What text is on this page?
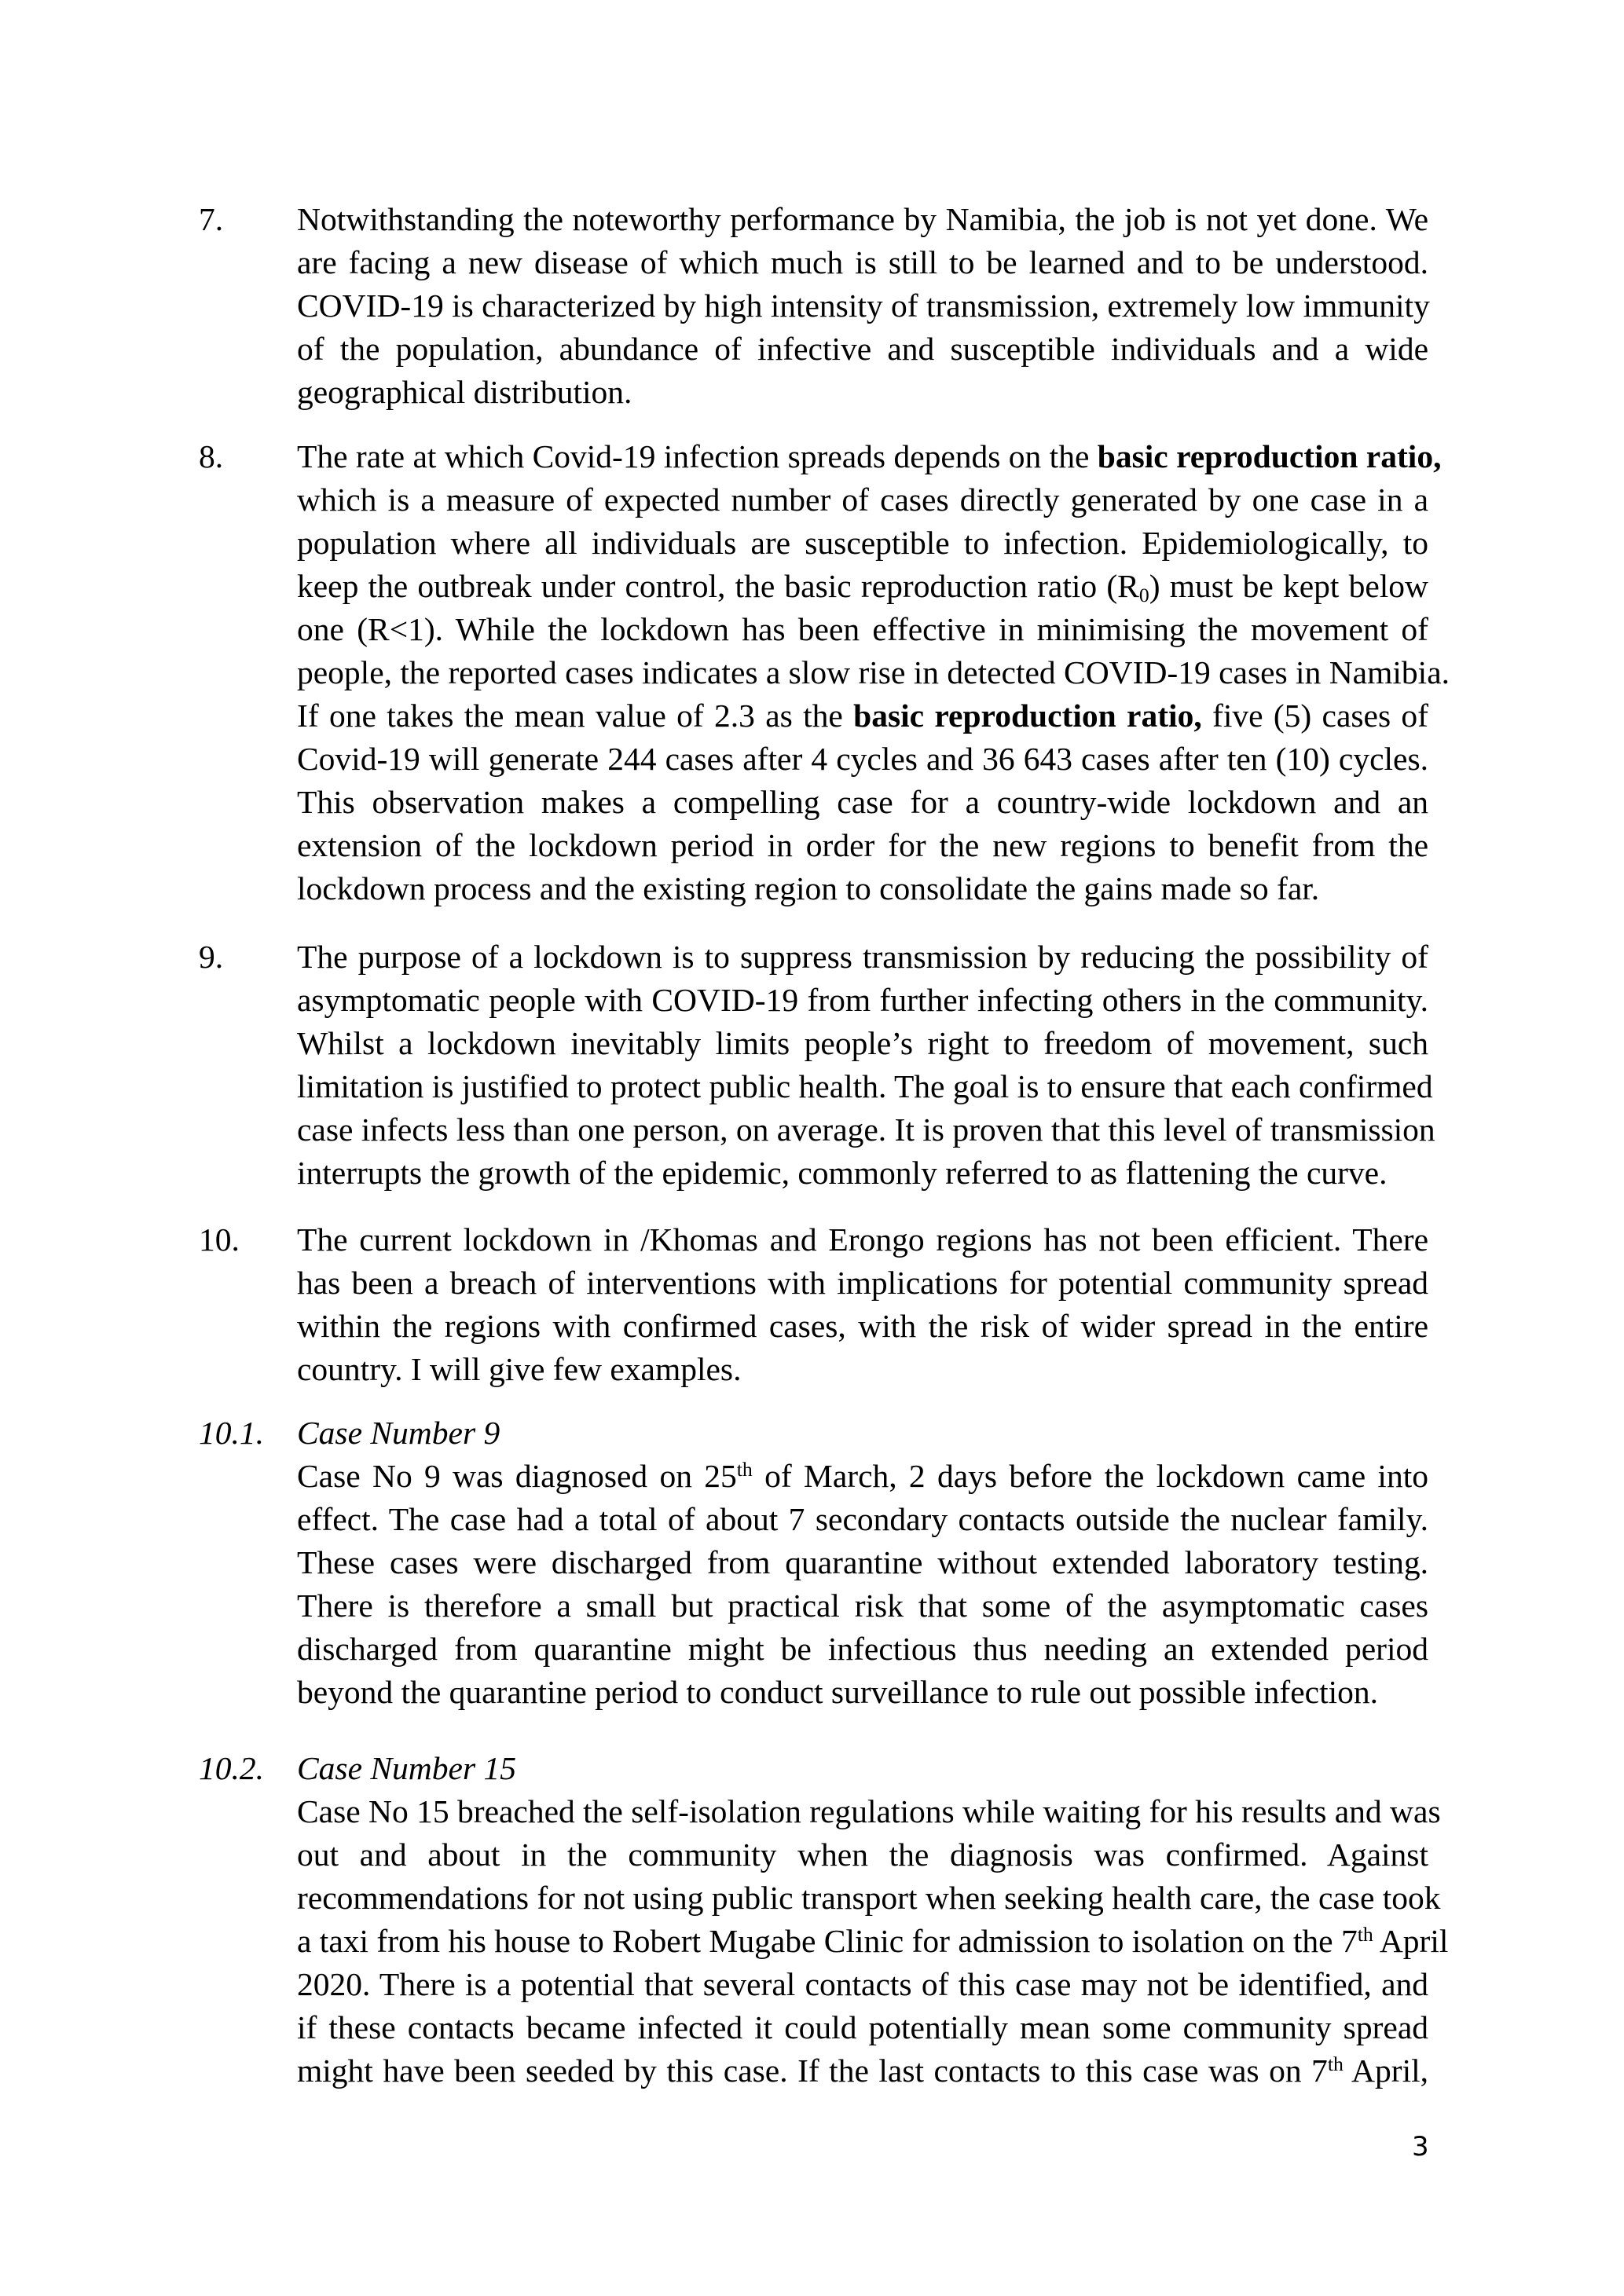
7. Notwithstanding the noteworthy performance by Namibia, the job is not yet done. We
are facing a new disease of which much is still to be learned and to be understood.
COVID-19 is characterized by high intensity of transmission, extremely low immunity
of the population, abundance of infective and susceptible individuals and a wide
geographical distribution.
8. The rate at which Covid-19 infection spreads depends on the basic reproduction ratio,
which is a measure of expected number of cases directly generated by one case in a
population where all individuals are susceptible to infection. Epidemiologically, to
keep the outbreak under control, the basic reproduction ratio $(R_0)$ must be kept below
one (R<1). While the lockdown has been effective in minimising the movement of
people, the reported cases indicates a slow rise in detected COVID-19 cases in Namibia.
If one takes the mean value of 2.3 as the basic reproduction ratio, five (5) cases of
Covid-19 will generate 244 cases after 4 cycles and 36 643 cases after ten (10) cycles.
This observation makes a compelling case for a country-wide lockdown and an
extension of the lockdown period in order for the new regions to benefit from the
lockdown process and the existing region to consolidate the gains made so far.
9. The purpose of a lockdown is to suppress transmission by reducing the possibility of
asymptomatic people with COVID-19 from further infecting others in the community.
Whilst a lockdown inevitably limits people’s right to freedom of movement, such
limitation is justified to protect public health. The goal is to ensure that each confirmed
case infects less than one person, on average. It is proven that this level of transmission
interrupts the growth of the epidemic, commonly referred to as flattening the curve.
10. The current lockdown in /Khomas and Erongo regions has not been efficient. There
has been a breach of interventions with implications for potential community spread
within the regions with confirmed cases, with the risk of wider spread in the entire
country. I will give few examples.
10.1. Case Number 9
Case No 9 was diagnosed on 25th of March, 2 days before the lockdown came into
effect. The case had a total of about 7 secondary contacts outside the nuclear family.
These cases were discharged from quarantine without extended laboratory testing.
There is therefore a small but practical risk that some of the asymptomatic cases
discharged from quarantine might be infectious thus needing an extended period
beyond the quarantine period to conduct surveillance to rule out possible infection.
10.2. Case Number 15
Case No 15 breached the self-isolation regulations while waiting for his results and was
out and about in the community when the diagnosis was confirmed. Against
recommendations for not using public transport when seeking health care, the case took
a taxi from his house to Robert Mugabe Clinic for admission to isolation on the 7th April
2020. There is a potential that several contacts of this case may not be identified, and
if these contacts became infected it could potentially mean some community spread
might have been seeded by this case. If the last contacts to this case was on 7th April,
3
